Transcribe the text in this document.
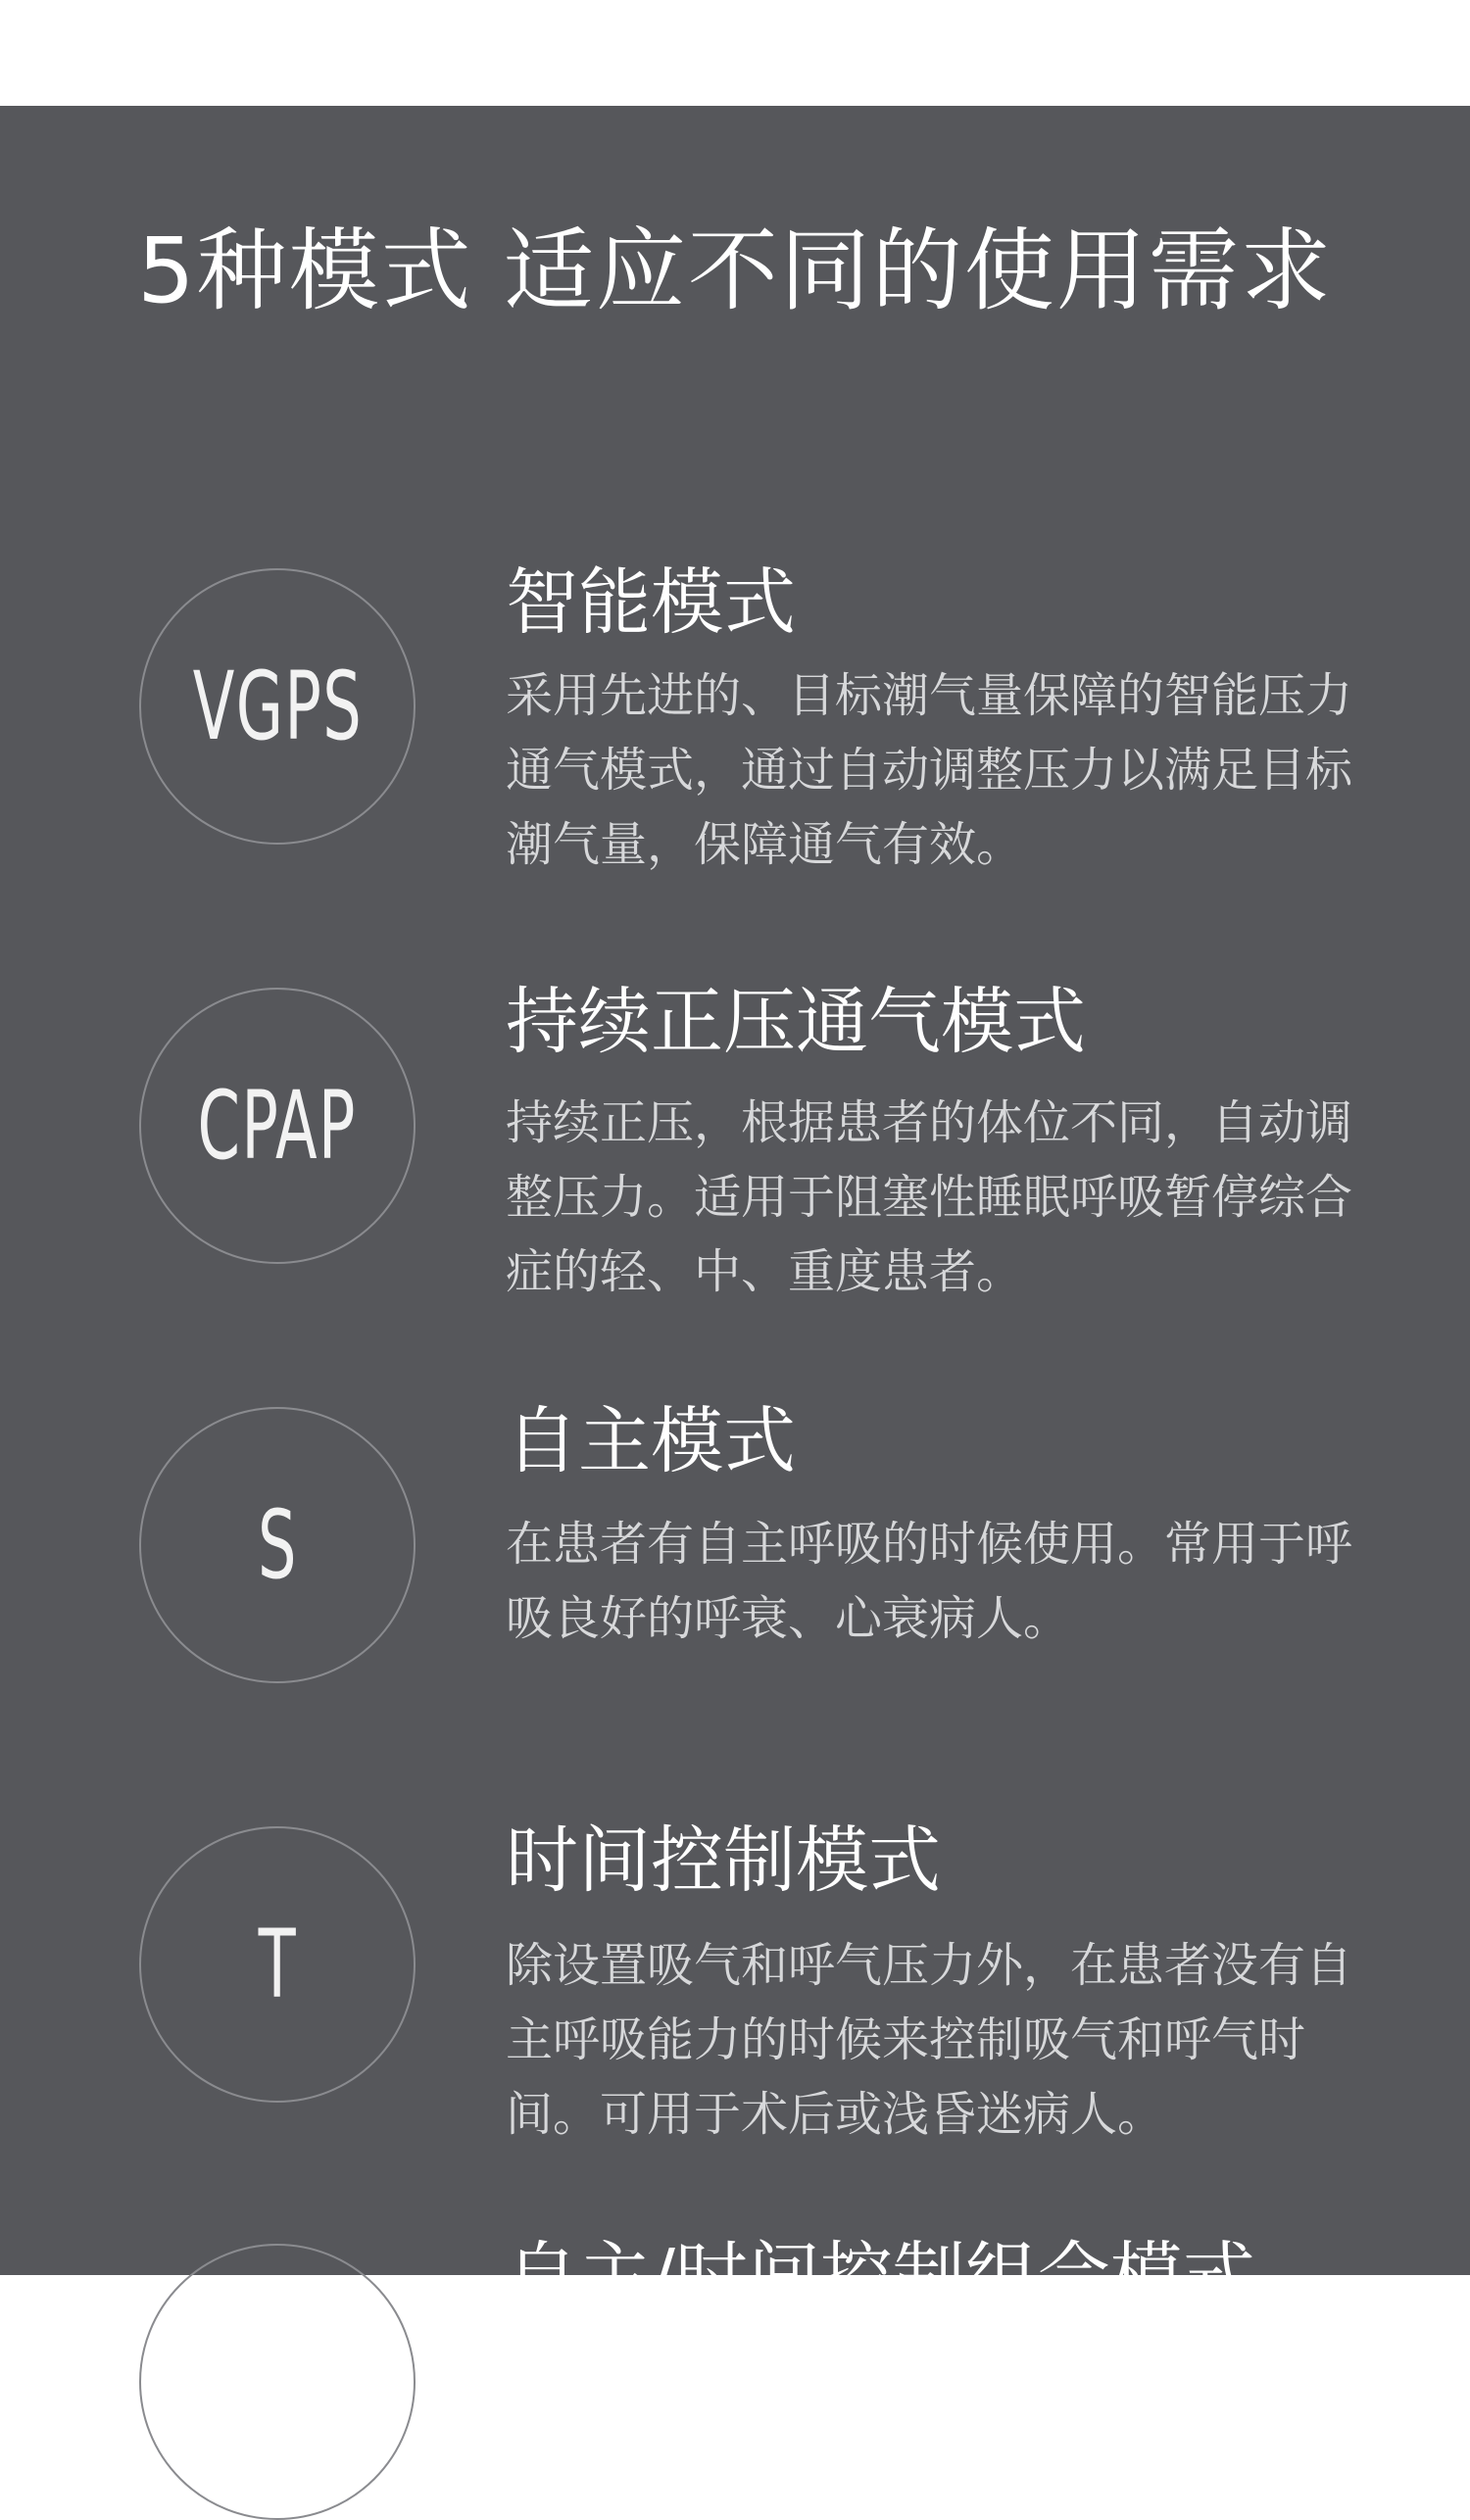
5种模式 适应不同的使用需求
VGPS
智能模式

采用先进的、目标潮气量保障的智能压力通气模式，通过自动调整压力以满足目标潮气量，保障通气有效。

CPAP
持续正压通气模式

持续正压，根据患者的体位不同，自动调整压力。适用于阻塞性睡眠呼吸暂停综合症的轻、中、重度患者。

S
自主模式

在患者有自主呼吸的时候使用。常用于呼吸良好的呼衰、心衰病人。

T
时间控制模式

除设置吸气和呼气压力外，在患者没有自主呼吸能力的时候来控制吸气和呼气时间。可用于术后或浅昏迷病人。

自主/时间控制组合模式
